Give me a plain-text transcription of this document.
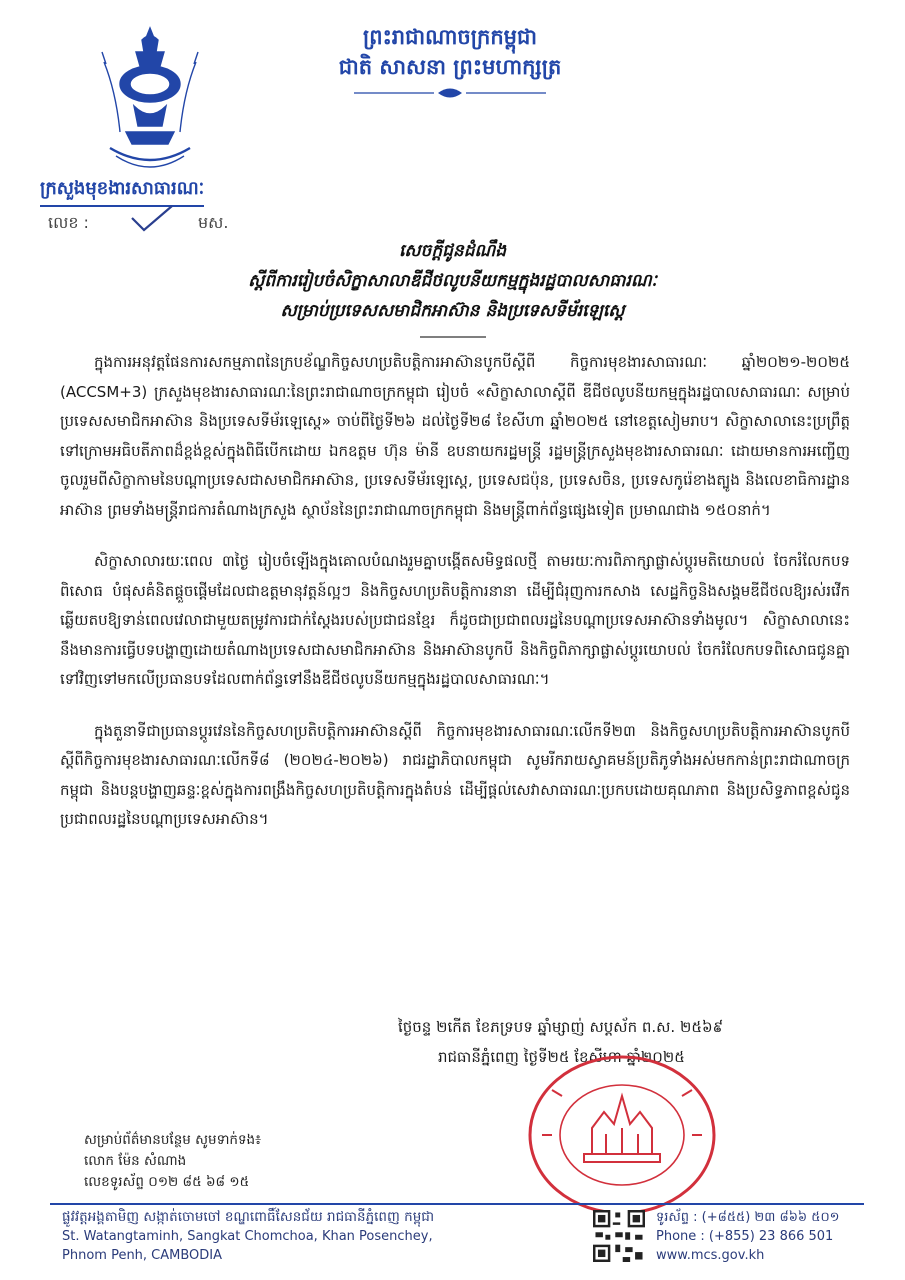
ព្រះរាជាណាចក្រកម្ពុជា
ជាតិ សាសនា ព្រះមហាក្សត្រ
ក្រសួងមុខងារសាធារណៈ
លេខ :	មស.
សេចក្ដីជូនដំណឹង
ស្ដីពីការរៀបចំសិក្ខាសាលាឌីជីថលូបនីយកម្មក្នុងរដ្ឋបាលសាធារណៈ
សម្រាប់ប្រទេសសមាជិកអាស៊ាន និងប្រទេសទីម័រឡេស្ដេ

ក្នុងការអនុវត្តផែនការសកម្មភាពនៃក្របខ័ណ្ឌកិច្ចសហប្រតិបត្តិការអាស៊ានបូកបីស្ដីពី កិច្ចការមុខងារសាធារណៈ ឆ្នាំ២០២១-២០២៥ (ACCSM+3) ក្រសួងមុខងារសាធារណៈនៃព្រះរាជាណាចក្រកម្ពុជា រៀបចំ «សិក្ខាសាលាស្ដីពី ឌីជីថលូបនីយកម្មក្នុងរដ្ឋបាលសាធារណៈ សម្រាប់ប្រទេសសមាជិកអាស៊ាន និងប្រទេសទីម័រឡេស្ដេ» ចាប់ពីថ្ងៃទី២៦ ដល់ថ្ងៃទី២៨ ខែសីហា ឆ្នាំ២០២៥ នៅខេត្តសៀមរាប។ សិក្ខាសាលានេះប្រព្រឹត្តទៅក្រោមអធិបតីភាពដ៏ខ្ពង់ខ្ពស់ក្នុងពិធីបើកដោយ ឯកឧត្តម ហ៊ុន ម៉ានី ឧបនាយករដ្ឋមន្ត្រី រដ្ឋមន្ត្រីក្រសួងមុខងារសាធារណៈ ដោយមានការអញ្ជើញចូលរួមពីសិក្ខាកាមនៃបណ្ដាប្រទេសជាសមាជិកអាស៊ាន, ប្រទេសទីម័រឡេស្ដេ, ប្រទេសជប៉ុន, ប្រទេសចិន, ប្រទេសកូរ៉េខាងត្បូង និងលេខាធិការដ្ឋានអាស៊ាន ព្រមទាំងមន្ត្រីរាជការតំណាងក្រសួង ស្ថាប័ននៃព្រះរាជាណាចក្រកម្ពុជា និងមន្ត្រីពាក់ព័ន្ធផ្សេងទៀត ប្រមាណជាង ១៥០នាក់។

សិក្ខាសាលារយៈពេល ៣ថ្ងៃ រៀបចំឡើងក្នុងគោលបំណងរួមគ្នាបង្កើតសមិទ្ធផលថ្មី តាមរយៈការពិភាក្សាផ្លាស់ប្ដូរមតិយោបល់ ចែករំលែកបទពិសោធ បំផុសគំនិតផ្ដួចផ្ដើមដែលជាឧត្ដមានុវត្តន៍ល្អៗ និងកិច្ចសហប្រតិបត្តិការនានា ដើម្បីជំរុញការកសាង សេដ្ឋកិច្ចនិងសង្គមឌីជីថលឱ្យរស់រវើក ឆ្លើយតបឱ្យទាន់ពេលវេលាជាមួយតម្រូវការជាក់ស្ដែងរបស់ប្រជាជនខ្មែរ ក៏ដូចជាប្រជាពលរដ្ឋនៃបណ្ដាប្រទេសអាស៊ានទាំងមូល។ សិក្ខាសាលានេះ នឹងមានការធ្វើបទបង្ហាញដោយតំណាងប្រទេសជាសមាជិកអាស៊ាន និងអាស៊ានបូកបី និងកិច្ចពិភាក្សាផ្លាស់ប្ដូរយោបល់ ចែករំលែកបទពិសោធជូនគ្នាទៅវិញទៅមកលើប្រធានបទដែលពាក់ព័ន្ធទៅនឹងឌីជីថលូបនីយកម្មក្នុងរដ្ឋបាលសាធារណៈ។

ក្នុងតួនាទីជាប្រធានប្ដូរវេននៃកិច្ចសហប្រតិបត្តិការអាស៊ានស្ដីពី កិច្ចការមុខងារសាធារណៈលើកទី២៣ និងកិច្ចសហប្រតិបត្តិការអាស៊ានបូកបី ស្ដីពីកិច្ចការមុខងារសាធារណៈលើកទី៨ (២០២៤-២០២៦) រាជរដ្ឋាភិបាលកម្ពុជា សូមរីករាយស្វាគមន៍ប្រតិភូទាំងអស់មកកាន់ព្រះរាជាណាចក្រកម្ពុជា និងបន្តបង្ហាញឆន្ទៈខ្ពស់ក្នុងការពង្រឹងកិច្ចសហប្រតិបត្តិការក្នុងតំបន់ ដើម្បីផ្ដល់សេវាសាធារណៈប្រកបដោយគុណភាព និងប្រសិទ្ធភាពខ្ពស់ជូនប្រជាពលរដ្ឋនៃបណ្ដាប្រទេសអាស៊ាន។

ថ្ងៃចន្ទ ២កើត ខែភទ្របទ ឆ្នាំម្សាញ់ សប្តស័ក ព.ស. ២៥៦៩
រាជធានីភ្នំពេញ ថ្ងៃទី២៥ ខែសីហា ឆ្នាំ២០២៥
សម្រាប់ព័ត៌មានបន្ថែម សូមទាក់ទង៖
លោក ម៉ែន សំណាង
លេខទូរស័ព្ទ ០១២ ៨៥ ៦៨ ១៥
ផ្លូវវត្តអង្គតាមិញ សង្កាត់ចោមចៅ ខណ្ឌពោធិ៍សែនជ័យ រាជធានីភ្នំពេញ កម្ពុជា
St. Watangtaminh, Sangkat Chomchoa, Khan Posenchey,
Phnom Penh, CAMBODIA
ទូរស័ព្ទ : (+៨៥៥) ២៣ ៨៦៦ ៥០១
Phone : (+855) 23 866 501
www.mcs.gov.kh
